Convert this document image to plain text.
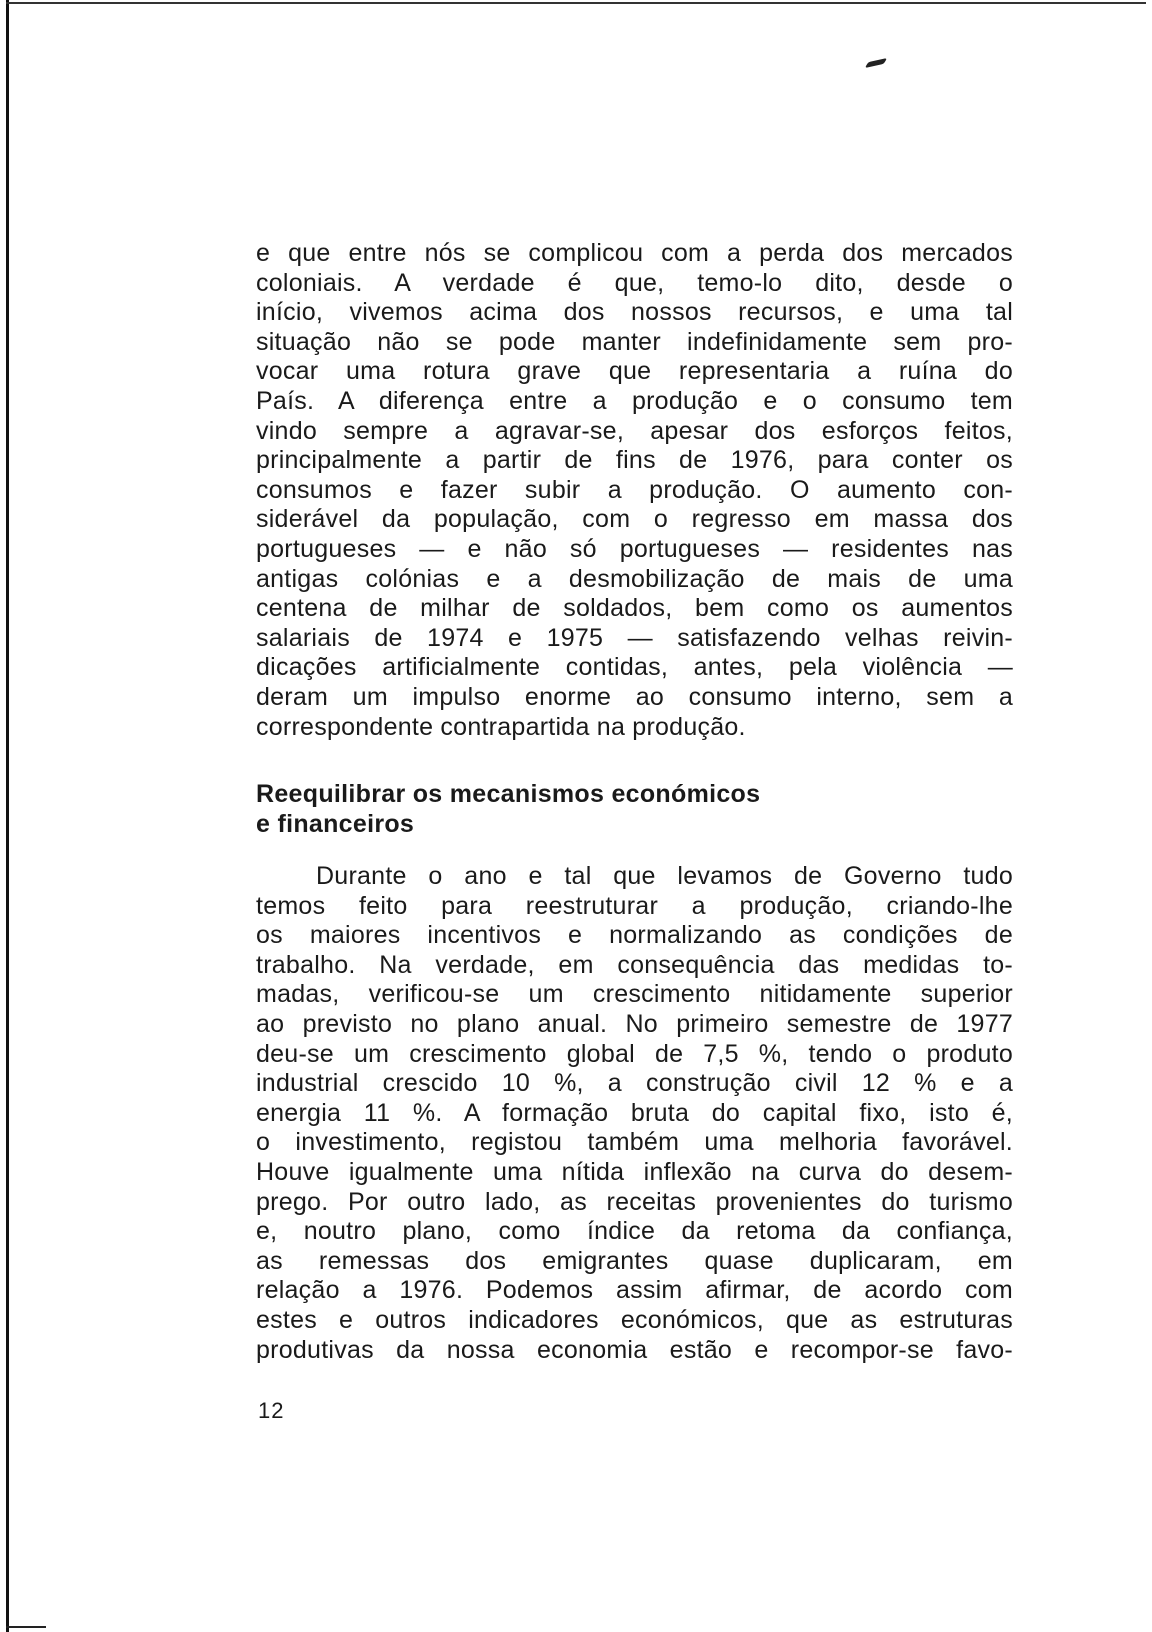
e que entre nós se complicou com a perda dos mercados
coloniais. A verdade é que, temo-lo dito, desde o
início, vivemos acima dos nossos recursos, e uma tal
situação não se pode manter indefinidamente sem pro-
vocar uma rotura grave que representaria a ruína do
País. A diferença entre a produção e o consumo tem
vindo sempre a agravar-se, apesar dos esforços feitos,
principalmente a partir de fins de 1976, para conter os
consumos e fazer subir a produção. O aumento con-
siderável da população, com o regresso em massa dos
portugueses — e não só portugueses — residentes nas
antigas colónias e a desmobilização de mais de uma
centena de milhar de soldados, bem como os aumentos
salariais de 1974 e 1975 — satisfazendo velhas reivin-
dicações artificialmente contidas, antes, pela violência —
deram um impulso enorme ao consumo interno, sem a
correspondente contrapartida na produção.
Reequilibrar os mecanismos económicos
e financeiros
Durante o ano e tal que levamos de Governo tudo
temos feito para reestruturar a produção, criando-lhe
os maiores incentivos e normalizando as condições de
trabalho. Na verdade, em consequência das medidas to-
madas, verificou-se um crescimento nitidamente superior
ao previsto no plano anual. No primeiro semestre de 1977
deu-se um crescimento global de 7,5 %, tendo o produto
industrial crescido 10 %, a construção civil 12 % e a
energia 11 %. A formação bruta do capital fixo, isto é,
o investimento, registou também uma melhoria favorável.
Houve igualmente uma nítida inflexão na curva do desem-
prego. Por outro lado, as receitas provenientes do turismo
e, noutro plano, como índice da retoma da confiança,
as remessas dos emigrantes quase duplicaram, em
relação a 1976. Podemos assim afirmar, de acordo com
estes e outros indicadores económicos, que as estruturas
produtivas da nossa economia estão e recompor-se favo-
12
